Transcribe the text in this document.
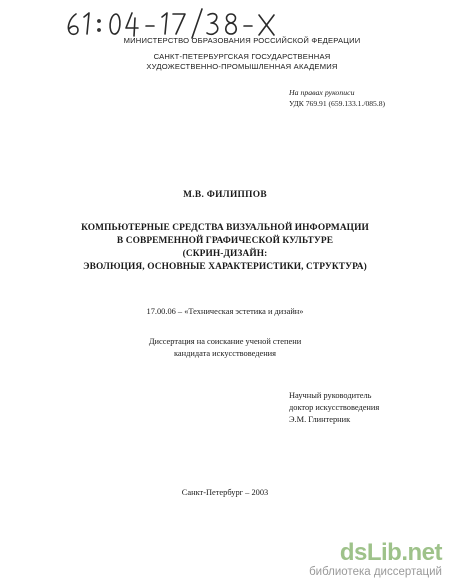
МИНИСТЕРСТВО ОБРАЗОВАНИЯ РОССИЙСКОЙ ФЕДЕРАЦИИ
САНКТ-ПЕТЕРБУРГСКАЯ ГОСУДАРСТВЕННАЯ
ХУДОЖЕСТВЕННО-ПРОМЫШЛЕННАЯ АКАДЕМИЯ
На правах рукописи
УДК 769.91 (659.133.1./085.8)
М.В. ФИЛИППОВ
КОМПЬЮТЕРНЫЕ СРЕДСТВА ВИЗУАЛЬНОЙ ИНФОРМАЦИИ
В СОВРЕМЕННОЙ ГРАФИЧЕСКОЙ КУЛЬТУРЕ
(СКРИН-ДИЗАЙН:
ЭВОЛЮЦИЯ, ОСНОВНЫЕ ХАРАКТЕРИСТИКИ, СТРУКТУРА)
17.00.06 – «Техническая эстетика и дизайн»
Диссертация на соискание ученой степени
кандидата искусствоведения
Научный руководитель
доктор искусствоведения
Э.М. Глинтерник
Санкт-Петербург – 2003
dsLib.net
библиотека диссертаций
